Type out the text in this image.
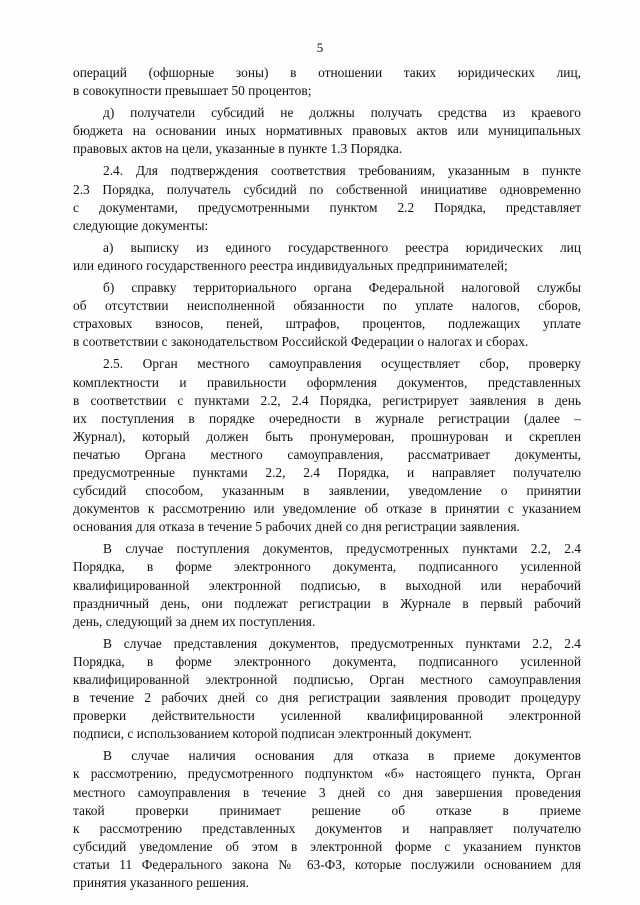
5
операций (офшорные зоны) в отношении таких юридических лиц,
в совокупности превышает 50 процентов;
д) получатели субсидий не должны получать средства из краевого
бюджета на основании иных нормативных правовых актов или муниципальных
правовых актов на цели, указанные в пункте 1.3 Порядка.
2.4. Для подтверждения соответствия требованиям, указанным в пункте
2.3 Порядка, получатель субсидий по собственной инициативе одновременно
с документами, предусмотренными пунктом 2.2 Порядка, представляет
следующие документы:
а) выписку из единого государственного реестра юридических лиц
или единого государственного реестра индивидуальных предпринимателей;
б) справку территориального органа Федеральной налоговой службы
об отсутствии неисполненной обязанности по уплате налогов, сборов,
страховых взносов, пеней, штрафов, процентов, подлежащих уплате
в соответствии с законодательством Российской Федерации о налогах и сборах.
2.5. Орган местного самоуправления осуществляет сбор, проверку
комплектности и правильности оформления документов, представленных
в соответствии с пунктами 2.2, 2.4 Порядка, регистрирует заявления в день
их поступления в порядке очередности в журнале регистрации (далее –
Журнал), который должен быть пронумерован, прошнурован и скреплен
печатью Органа местного самоуправления, рассматривает документы,
предусмотренные пунктами 2.2, 2.4 Порядка, и направляет получателю
субсидий способом, указанным в заявлении, уведомление о принятии
документов к рассмотрению или уведомление об отказе в принятии с указанием
основания для отказа в течение 5 рабочих дней со дня регистрации заявления.
В случае поступления документов, предусмотренных пунктами 2.2, 2.4
Порядка, в форме электронного документа, подписанного усиленной
квалифицированной электронной подписью, в выходной или нерабочий
праздничный день, они подлежат регистрации в Журнале в первый рабочий
день, следующий за днем их поступления.
В случае представления документов, предусмотренных пунктами 2.2, 2.4
Порядка, в форме электронного документа, подписанного усиленной
квалифицированной электронной подписью, Орган местного самоуправления
в течение 2 рабочих дней со дня регистрации заявления проводит процедуру
проверки действительности усиленной квалифицированной электронной
подписи, с использованием которой подписан электронный документ.
В случае наличия основания для отказа в приеме документов
к рассмотрению, предусмотренного подпунктом «б» настоящего пункта, Орган
местного самоуправления в течение 3 дней со дня завершения проведения
такой проверки принимает решение об отказе в приеме
к рассмотрению представленных документов и направляет получателю
субсидий уведомление об этом в электронной форме с указанием пунктов
статьи 11 Федерального закона № 63-ФЗ, которые послужили основанием для
принятия указанного решения.
